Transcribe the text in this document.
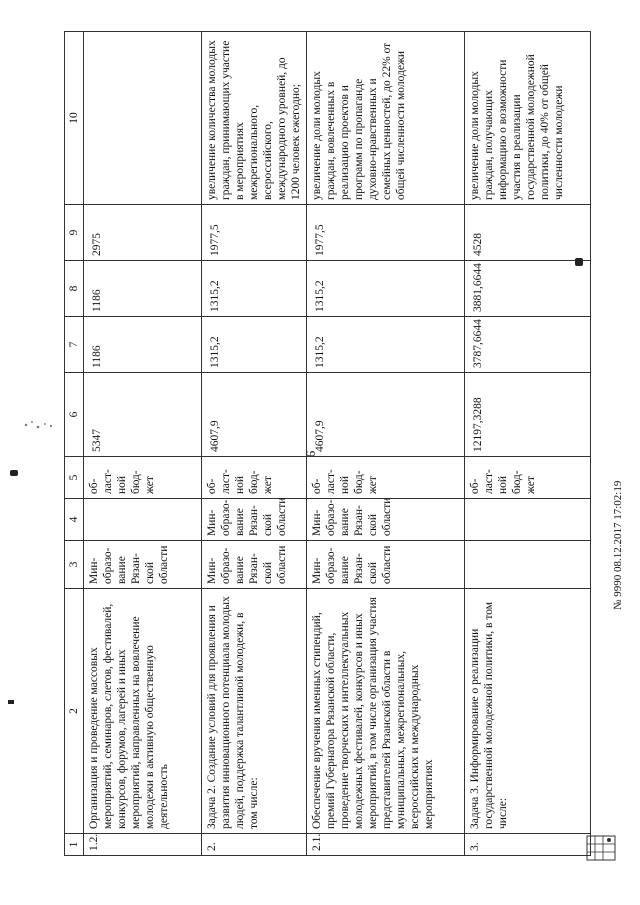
6
1	2	3	4	5	6	7	8	9	10
1.2.	Организация и проведение массовых мероприятий, семинаров, слетов, фестивалей, конкурсов, форумов, лагерей и иных мероприятий, направленных на вовлечение молодежи в активную общественную деятельность	Мин-образо-вание Рязан-ской области		об-ласт-ной бюд-жет	5347	1186	1186	2975	
2.	Задача 2. Создание условий для проявления и развития инновационного потенциала молодых людей, поддержка талантливой молодежи, в том числе:	Мин-образо-вание Рязан-ской области	Мин-образо-вание Рязан-ской области	об-ласт-ной бюд-жет	4607,9	1315,2	1315,2	1977,5	увеличение количества молодых граждан, принимающих участие в мероприятиях межрегионального, всероссийского, международного уровней, до 1200 человек ежегодно;
2.1.	Обеспечение вручения именных стипендий, премий Губернатора Рязанской области, проведение творческих и интеллектуальных молодежных фестивалей, конкурсов и иных мероприятий, в том числе организация участия представителей Рязанской области в муниципальных, межрегиональных, всероссийских и международных мероприятиях	Мин-образо-вание Рязан-ской области	Мин-образо-вание Рязан-ской области	об-ласт-ной бюд-жет	4607,9	1315,2	1315,2	1977,5	увеличение доли молодых граждан, вовлеченных в реализацию проектов и программ по пропаганде духовно-нравственных и семейных ценностей, до 22% от общей численности молодежи
3.	Задача 3. Информирование о реализации государственной молодежной политики, в том числе:			об-ласт-ной бюд-жет	12197,3288	3787,6644	3881,6644	4528	увеличение доли молодых граждан, получающих информацию о возможности участия в реализации государственной молодежной политики, до 40% от общей численности молодежи
№ 9990 08.12.2017 17:02:19
